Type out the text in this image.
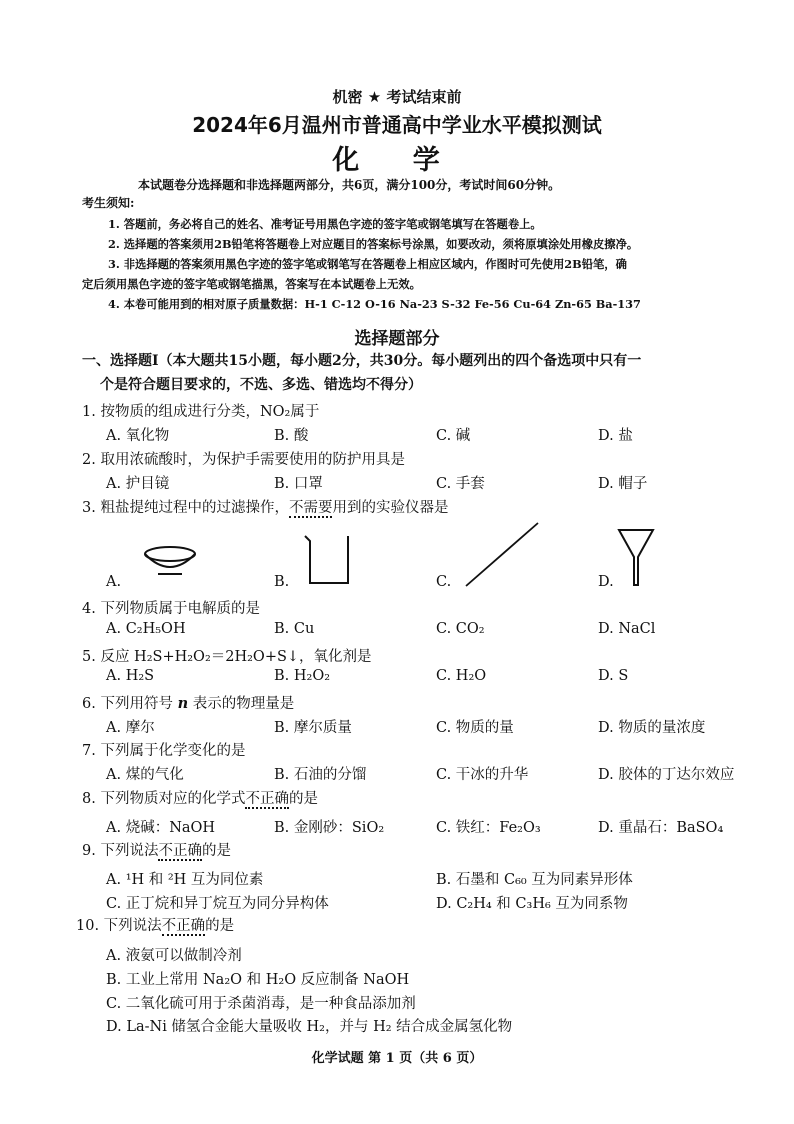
机密 ★ 考试结束前
2024年6月温州市普通高中学业水平模拟测试
化 学
本试题卷分选择题和非选择题两部分，共6页，满分100分，考试时间60分钟。
考生须知:
1. 答题前，务必将自己的姓名、准考证号用黑色字迹的签字笔或钢笔填写在答题卷上。
2. 选择题的答案须用2B铅笔将答题卷上对应题目的答案标号涂黑，如要改动，须将原填涂处用橡皮擦净。
3. 非选择题的答案须用黑色字迹的签字笔或钢笔写在答题卷上相应区域内，作图时可先使用2B铅笔，确
定后须用黑色字迹的签字笔或钢笔描黑，答案写在本试题卷上无效。
4. 本卷可能用到的相对原子质量数据：H-1 C-12 O-16 Na-23 S-32 Fe-56 Cu-64 Zn-65 Ba-137
选择题部分
一、选择题Ⅰ（本大题共15小题，每小题2分，共30分。每小题列出的四个备选项中只有一
个是符合题目要求的，不选、多选、错选均不得分）
1. 按物质的组成进行分类，NO₂属于
A. 氧化物	B. 酸	C. 碱	D. 盐
2. 取用浓硫酸时，为保护手需要使用的防护用具是
A. 护目镜	B. 口罩	C. 手套	D. 帽子
3. 粗盐提纯过程中的过滤操作，不需要用到的实验仪器是
A.	B.	C.	D.
4. 下列物质属于电解质的是
A. C₂H₅OH	B. Cu	C. CO₂	D. NaCl
5. 反应 H₂S+H₂O₂＝2H₂O+S↓，氧化剂是
A. H₂S	B. H₂O₂	C. H₂O	D. S
6. 下列用符号 n 表示的物理量是
A. 摩尔	B. 摩尔质量	C. 物质的量	D. 物质的量浓度
7. 下列属于化学变化的是
A. 煤的气化	B. 石油的分馏	C. 干冰的升华	D. 胶体的丁达尔效应
8. 下列物质对应的化学式不正确的是
A. 烧碱：NaOH	B. 金刚砂：SiO₂	C. 铁红：Fe₂O₃	D. 重晶石：BaSO₄
9. 下列说法不正确的是
A. ¹H 和 ²H 互为同位素	B. 石墨和 C₆₀ 互为同素异形体
C. 正丁烷和异丁烷互为同分异构体	D. C₂H₄ 和 C₃H₆ 互为同系物
10. 下列说法不正确的是
A. 液氨可以做制冷剂
B. 工业上常用 Na₂O 和 H₂O 反应制备 NaOH
C. 二氧化硫可用于杀菌消毒，是一种食品添加剂
D. La-Ni 储氢合金能大量吸收 H₂，并与 H₂ 结合成金属氢化物
化学试题 第 1 页（共 6 页）
